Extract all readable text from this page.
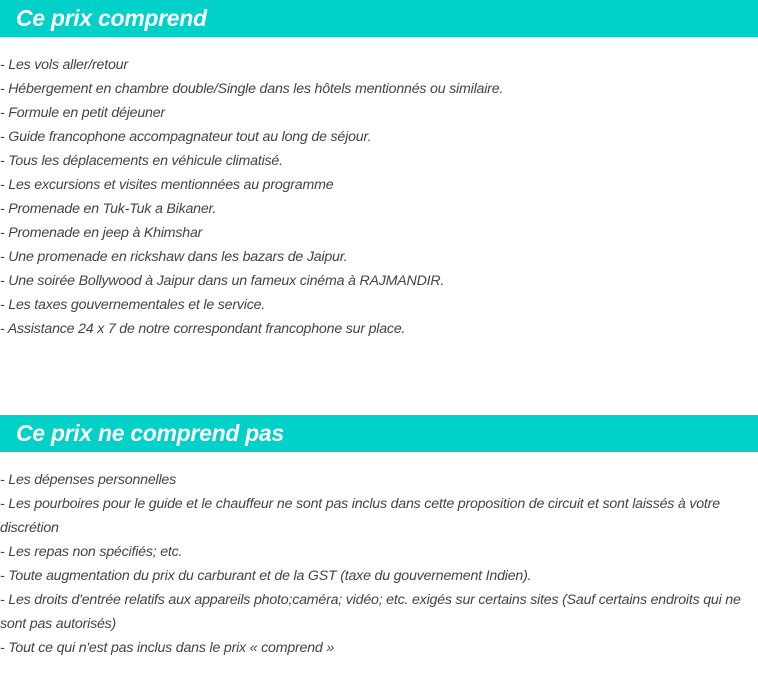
Ce prix comprend
- Les vols aller/retour
- Hébergement en chambre double/Single dans les hôtels mentionnés ou similaire.
- Formule en petit déjeuner
- Guide francophone accompagnateur tout au long de séjour.
- Tous les déplacements en véhicule climatisé.
- Les excursions et visites mentionnées au programme
- Promenade en Tuk-Tuk a Bikaner.
- Promenade en jeep à Khimshar
- Une promenade en rickshaw dans les bazars de Jaipur.
- Une soirée Bollywood à Jaipur dans un fameux cinéma à RAJMANDIR.
- Les taxes gouvernementales et le service.
- Assistance 24 x 7 de notre correspondant francophone sur place.
Ce prix ne comprend pas
- Les dépenses personnelles
- Les pourboires pour le guide et le chauffeur ne sont pas inclus dans cette proposition de circuit et sont laissés à votre discrétion
- Les repas non spécifiés; etc.
- Toute augmentation du prix du carburant et de la GST (taxe du gouvernement Indien).
- Les droits d'entrée relatifs aux appareils photo;caméra; vidéo; etc. exigés sur certains sites (Sauf certains endroits qui ne sont pas autorisés)
- Tout ce qui n'est pas inclus dans le prix « comprend »
